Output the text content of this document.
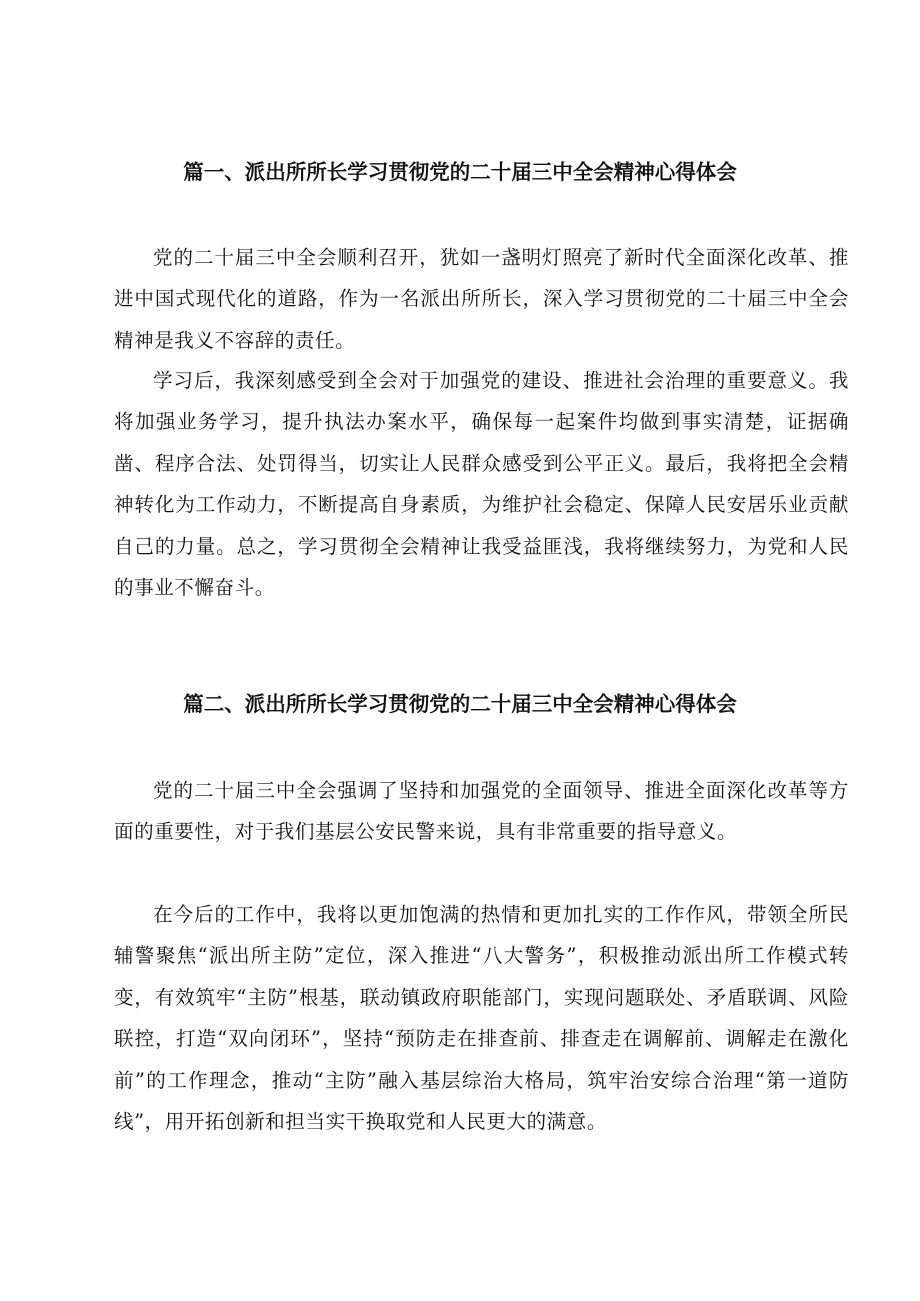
篇一、派出所所长学习贯彻党的二十届三中全会精神心得体会

党的二十届三中全会顺利召开，犹如一盏明灯照亮了新时代全面深化改革、推进中国式现代化的道路，作为一名派出所所长，深入学习贯彻党的二十届三中全会精神是我义不容辞的责任。

学习后，我深刻感受到全会对于加强党的建设、推进社会治理的重要意义。我将加强业务学习，提升执法办案水平，确保每一起案件均做到事实清楚，证据确凿、程序合法、处罚得当，切实让人民群众感受到公平正义。最后，我将把全会精神转化为工作动力，不断提高自身素质，为维护社会稳定、保障人民安居乐业贡献自己的力量。总之，学习贯彻全会精神让我受益匪浅，我将继续努力，为党和人民的事业不懈奋斗。

篇二、派出所所长学习贯彻党的二十届三中全会精神心得体会

党的二十届三中全会强调了坚持和加强党的全面领导、推进全面深化改革等方面的重要性，对于我们基层公安民警来说，具有非常重要的指导意义。

在今后的工作中，我将以更加饱满的热情和更加扎实的工作作风，带领全所民辅警聚焦“派出所主防”定位，深入推进“八大警务”，积极推动派出所工作模式转变，有效筑牢“主防”根基，联动镇政府职能部门，实现问题联处、矛盾联调、风险联控，打造“双向闭环”，坚持“预防走在排查前、排查走在调解前、调解走在激化前”的工作理念，推动“主防”融入基层综治大格局，筑牢治安综合治理“第一道防线”，用开拓创新和担当实干换取党和人民更大的满意。
